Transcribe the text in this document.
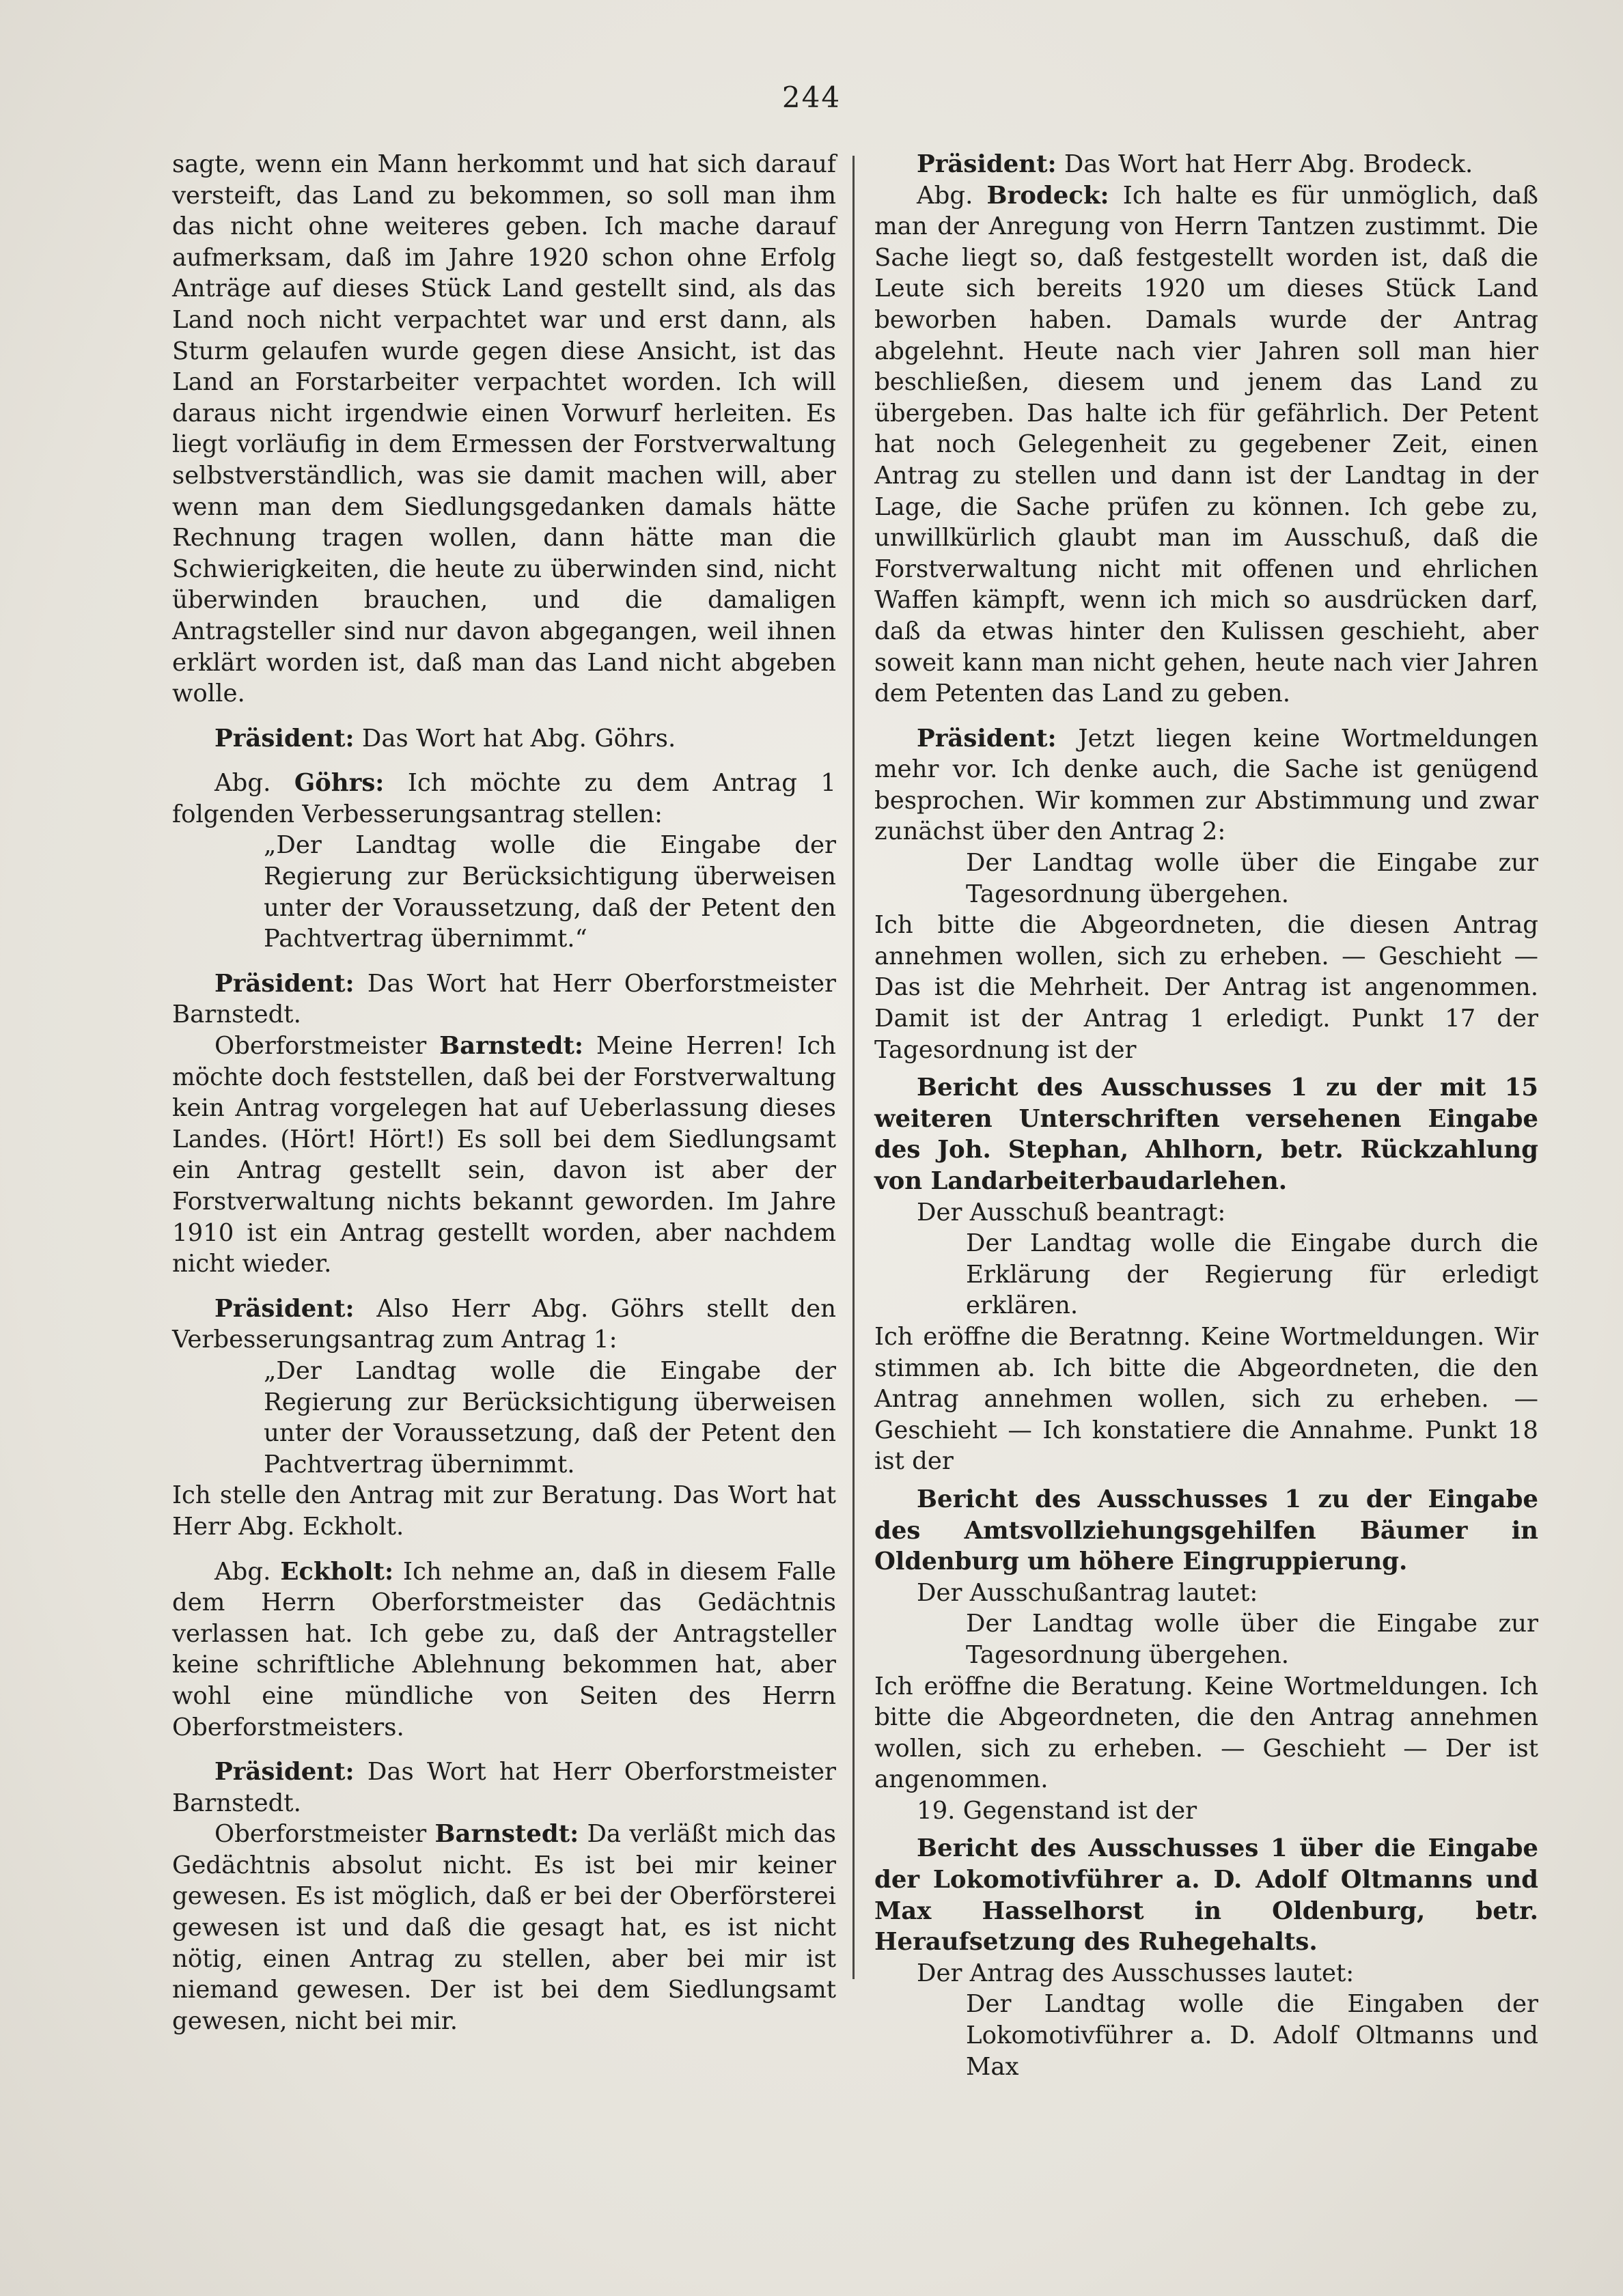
244

sagte, wenn ein Mann herkommt und hat sich darauf versteift, das Land zu bekommen, so soll man ihm das nicht ohne weiteres geben. Ich mache darauf aufmerksam, daß im Jahre 1920 schon ohne Erfolg Anträge auf dieses Stück Land gestellt sind, als das Land noch nicht verpachtet war und erst dann, als Sturm gelaufen wurde gegen diese Ansicht, ist das Land an Forstarbeiter verpachtet worden. Ich will daraus nicht irgendwie einen Vorwurf herleiten. Es liegt vorläufig in dem Ermessen der Forstverwaltung selbstverständlich, was sie damit machen will, aber wenn man dem Siedlungsgedanken damals hätte Rechnung tragen wollen, dann hätte man die Schwierigkeiten, die heute zu überwinden sind, nicht überwinden brauchen, und die damaligen Antragsteller sind nur davon abgegangen, weil ihnen erklärt worden ist, daß man das Land nicht abgeben wolle.

Präsident: Das Wort hat Abg. Göhrs.

Abg. Göhrs: Ich möchte zu dem Antrag 1 folgenden Verbesserungsantrag stellen:

„Der Landtag wolle die Eingabe der Regierung zur Berücksichtigung überweisen unter der Voraussetzung, daß der Petent den Pachtvertrag übernimmt.“

Präsident: Das Wort hat Herr Oberforstmeister Barnstedt.

Oberforstmeister Barnstedt: Meine Herren! Ich möchte doch feststellen, daß bei der Forstverwaltung kein Antrag vorgelegen hat auf Ueberlassung dieses Landes. (Hört! Hört!) Es soll bei dem Siedlungsamt ein Antrag gestellt sein, davon ist aber der Forstverwaltung nichts bekannt geworden. Im Jahre 1910 ist ein Antrag gestellt worden, aber nachdem nicht wieder.

Präsident: Also Herr Abg. Göhrs stellt den Verbesserungsantrag zum Antrag 1:

„Der Landtag wolle die Eingabe der Regierung zur Berücksichtigung überweisen unter der Voraussetzung, daß der Petent den Pachtvertrag übernimmt.

Ich stelle den Antrag mit zur Beratung. Das Wort hat Herr Abg. Eckholt.

Abg. Eckholt: Ich nehme an, daß in diesem Falle dem Herrn Oberforstmeister das Gedächtnis verlassen hat. Ich gebe zu, daß der Antragsteller keine schriftliche Ablehnung bekommen hat, aber wohl eine mündliche von Seiten des Herrn Oberforstmeisters.

Präsident: Das Wort hat Herr Oberforstmeister Barnstedt.

Oberforstmeister Barnstedt: Da verläßt mich das Gedächtnis absolut nicht. Es ist bei mir keiner gewesen. Es ist möglich, daß er bei der Oberförsterei gewesen ist und daß die gesagt hat, es ist nicht nötig, einen Antrag zu stellen, aber bei mir ist niemand gewesen. Der ist bei dem Siedlungsamt gewesen, nicht bei mir.

Präsident: Das Wort hat Herr Abg. Brodeck.

Abg. Brodeck: Ich halte es für unmöglich, daß man der Anregung von Herrn Tantzen zustimmt. Die Sache liegt so, daß festgestellt worden ist, daß die Leute sich bereits 1920 um dieses Stück Land beworben haben. Damals wurde der Antrag abgelehnt. Heute nach vier Jahren soll man hier beschließen, diesem und jenem das Land zu übergeben. Das halte ich für gefährlich. Der Petent hat noch Gelegenheit zu gegebener Zeit, einen Antrag zu stellen und dann ist der Landtag in der Lage, die Sache prüfen zu können. Ich gebe zu, unwillkürlich glaubt man im Ausschuß, daß die Forstverwaltung nicht mit offenen und ehrlichen Waffen kämpft, wenn ich mich so ausdrücken darf, daß da etwas hinter den Kulissen geschieht, aber soweit kann man nicht gehen, heute nach vier Jahren dem Petenten das Land zu geben.

Präsident: Jetzt liegen keine Wortmeldungen mehr vor. Ich denke auch, die Sache ist genügend besprochen. Wir kommen zur Abstimmung und zwar zunächst über den Antrag 2:

Der Landtag wolle über die Eingabe zur Tagesordnung übergehen.

Ich bitte die Abgeordneten, die diesen Antrag annehmen wollen, sich zu erheben. — Geschieht — Das ist die Mehrheit. Der Antrag ist angenommen. Damit ist der Antrag 1 erledigt. Punkt 17 der Tagesordnung ist der

Bericht des Ausschusses 1 zu der mit 15 weiteren Unterschriften versehenen Eingabe des Joh. Stephan, Ahlhorn, betr. Rückzahlung von Landarbeiterbaudarlehen.

Der Ausschuß beantragt:

Der Landtag wolle die Eingabe durch die Erklärung der Regierung für erledigt erklären.

Ich eröffne die Beratnng. Keine Wortmeldungen. Wir stimmen ab. Ich bitte die Abgeordneten, die den Antrag annehmen wollen, sich zu erheben. — Geschieht — Ich konstatiere die Annahme. Punkt 18 ist der

Bericht des Ausschusses 1 zu der Eingabe des Amtsvollziehungsgehilfen Bäumer in Oldenburg um höhere Eingruppierung.

Der Ausschußantrag lautet:

Der Landtag wolle über die Eingabe zur Tagesordnung übergehen.

Ich eröffne die Beratung. Keine Wortmeldungen. Ich bitte die Abgeordneten, die den Antrag annehmen wollen, sich zu erheben. — Geschieht — Der ist angenommen.

19. Gegenstand ist der

Bericht des Ausschusses 1 über die Eingabe der Lokomotivführer a. D. Adolf Oltmanns und Max Hasselhorst in Oldenburg, betr. Heraufsetzung des Ruhegehalts.

Der Antrag des Ausschusses lautet:

Der Landtag wolle die Eingaben der Lokomotivführer a. D. Adolf Oltmanns und Max
